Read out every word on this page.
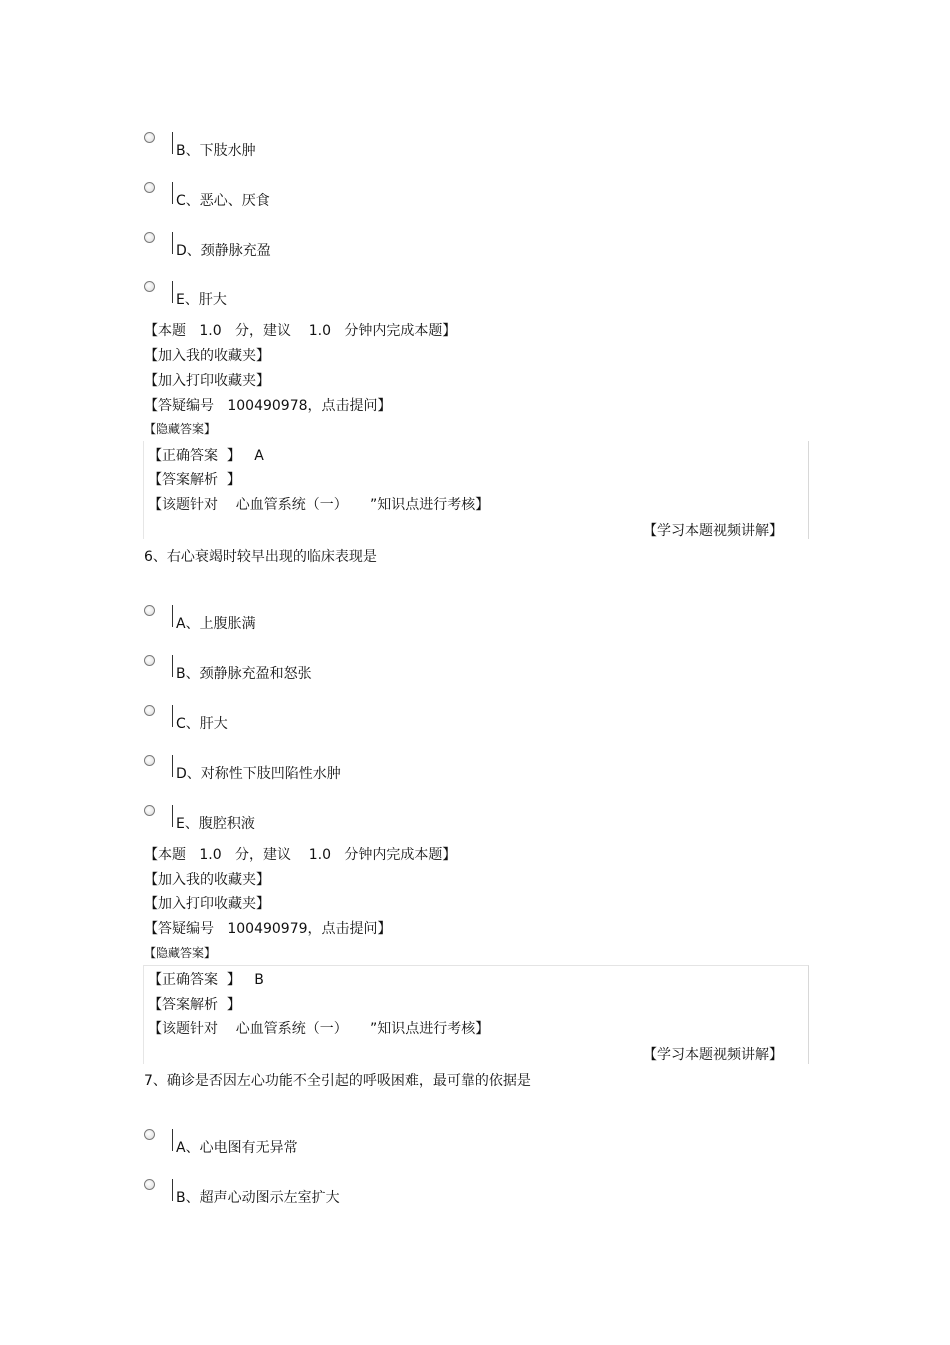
B、下肢水肿
C、恶心、厌食
D、颈静脉充盈
E、肝大
【本题   1.0   分，建议    1.0   分钟内完成本题】
【加入我的收藏夹】
【加入打印收藏夹】
【答疑编号   100490978，点击提问】
【隐藏答案】
【正确答案  】   A
【答案解析  】
【该题针对    心血管系统（一）     ”知识点进行考核】
【学习本题视频讲解】
6、右心衰竭时较早出现的临床表现是
A、上腹胀满
B、颈静脉充盈和怒张
C、肝大
D、对称性下肢凹陷性水肿
E、腹腔积液
【本题   1.0   分，建议    1.0   分钟内完成本题】
【加入我的收藏夹】
【加入打印收藏夹】
【答疑编号   100490979，点击提问】
【隐藏答案】
【正确答案  】   B
【答案解析  】
【该题针对    心血管系统（一）     ”知识点进行考核】
【学习本题视频讲解】
7、确诊是否因左心功能不全引起的呼吸困难，最可靠的依据是
A、心电图有无异常
B、超声心动图示左室扩大
